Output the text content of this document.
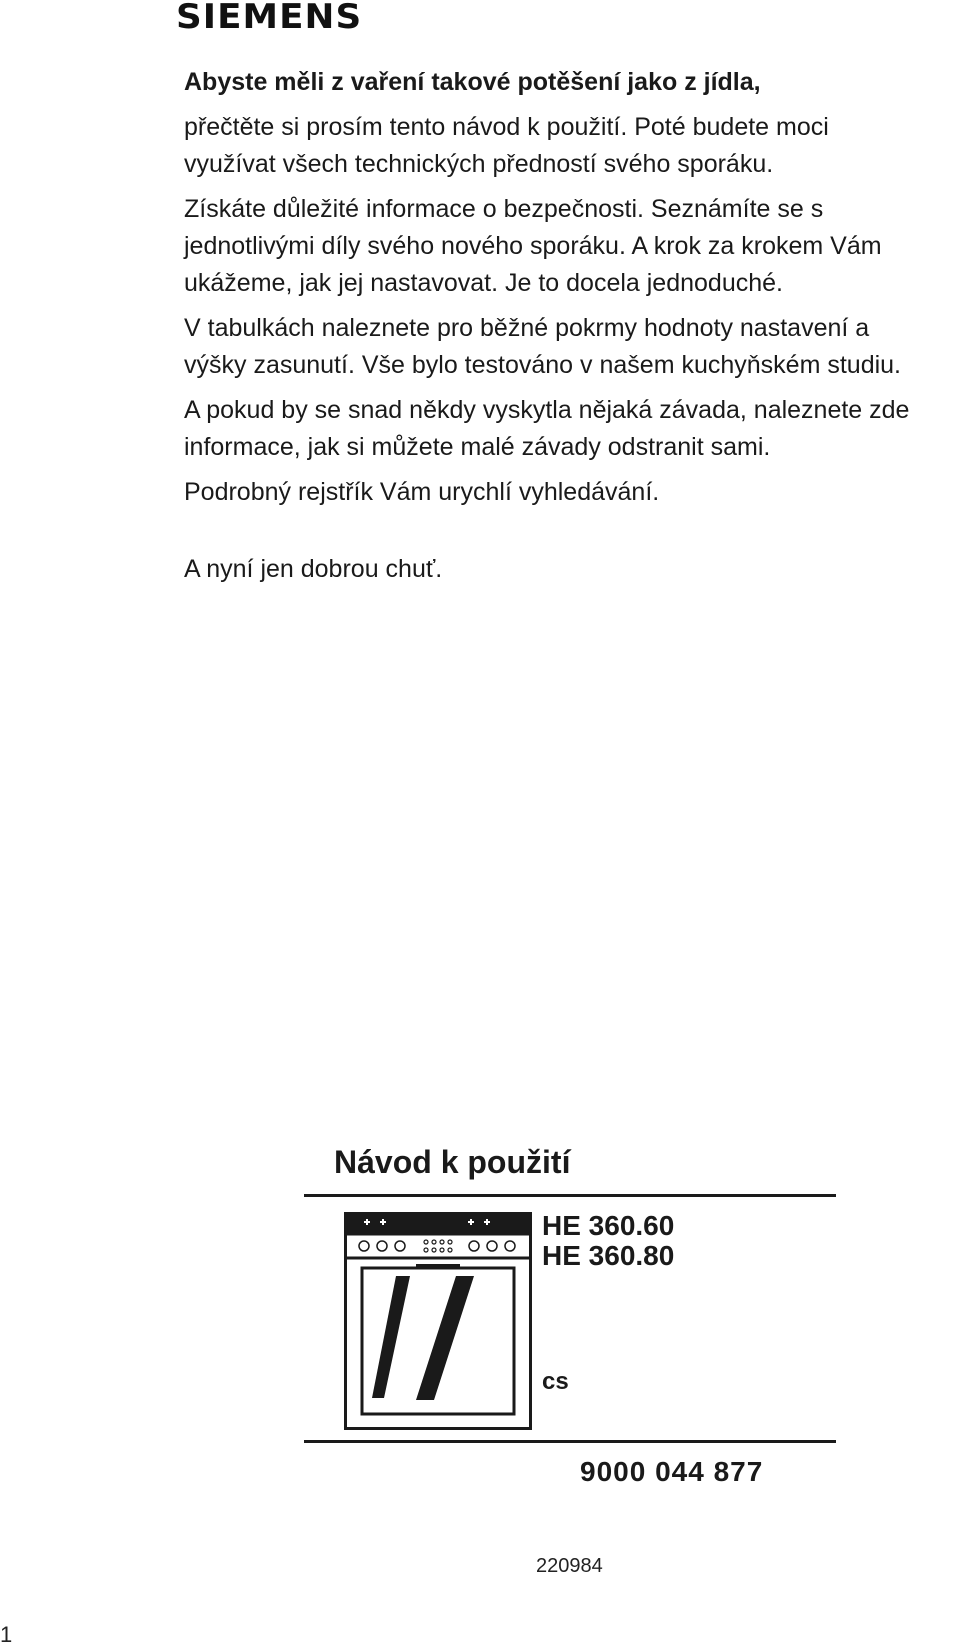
SIEMENS

Abyste měli z vaření takové potěšení jako z jídla,

přečtěte si prosím tento návod k použití. Poté budete moci využívat všech technických předností svého sporáku.

Získáte důležité informace o bezpečnosti. Seznámíte se s jednotlivými díly svého nového sporáku. A krok za krokem Vám ukážeme, jak jej nastavovat. Je to docela jednoduché.

V tabulkách naleznete pro běžné pokrmy hodnoty nastavení a výšky zasunutí. Vše bylo testováno v našem kuchyňském studiu.

A pokud by se snad někdy vyskytla nějaká závada, naleznete zde informace, jak si můžete malé závady odstranit sami.

Podrobný rejstřík Vám urychlí vyhledávání.

A nyní jen dobrou chuť.

Návod k použití
HE 360.60
HE 360.80
cs
9000 044 877
220984
1
